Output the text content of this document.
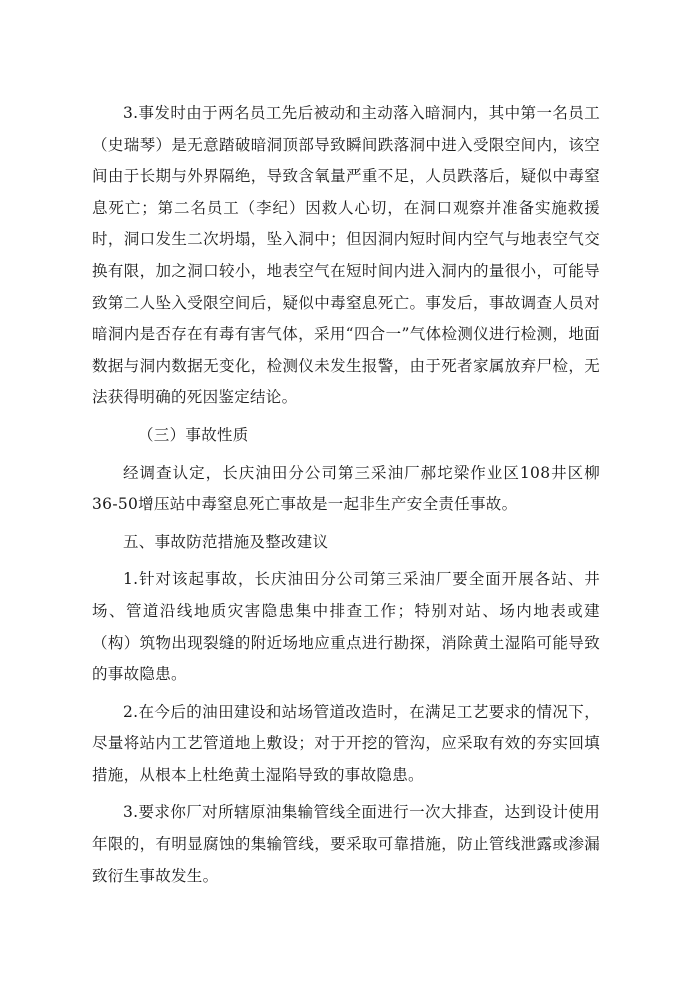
3.事发时由于两名员工先后被动和主动落入暗洞内，其中第一名员工（史瑞琴）是无意踏破暗洞顶部导致瞬间跌落洞中进入受限空间内，该空间由于长期与外界隔绝，导致含氧量严重不足，人员跌落后，疑似中毒窒息死亡；第二名员工（李纪）因救人心切，在洞口观察并准备实施救援时，洞口发生二次坍塌，坠入洞中；但因洞内短时间内空气与地表空气交换有限，加之洞口较小，地表空气在短时间内进入洞内的量很小，可能导致第二人坠入受限空间后，疑似中毒窒息死亡。事发后，事故调查人员对暗洞内是否存在有毒有害气体，采用“四合一”气体检测仪进行检测，地面数据与洞内数据无变化，检测仪未发生报警，由于死者家属放弃尸检，无法获得明确的死因鉴定结论。

（三）事故性质

经调查认定，长庆油田分公司第三采油厂郝坨梁作业区108井区柳36-50增压站中毒窒息死亡事故是一起非生产安全责任事故。

五、事故防范措施及整改建议

1.针对该起事故，长庆油田分公司第三采油厂要全面开展各站、井场、管道沿线地质灾害隐患集中排查工作；特别对站、场内地表或建（构）筑物出现裂缝的附近场地应重点进行勘探，消除黄土湿陷可能导致的事故隐患。

2.在今后的油田建设和站场管道改造时，在满足工艺要求的情况下，尽量将站内工艺管道地上敷设；对于开挖的管沟，应采取有效的夯实回填措施，从根本上杜绝黄土湿陷导致的事故隐患。

3.要求你厂对所辖原油集输管线全面进行一次大排查，达到设计使用年限的，有明显腐蚀的集输管线，要采取可靠措施，防止管线泄露或渗漏致衍生事故发生。
